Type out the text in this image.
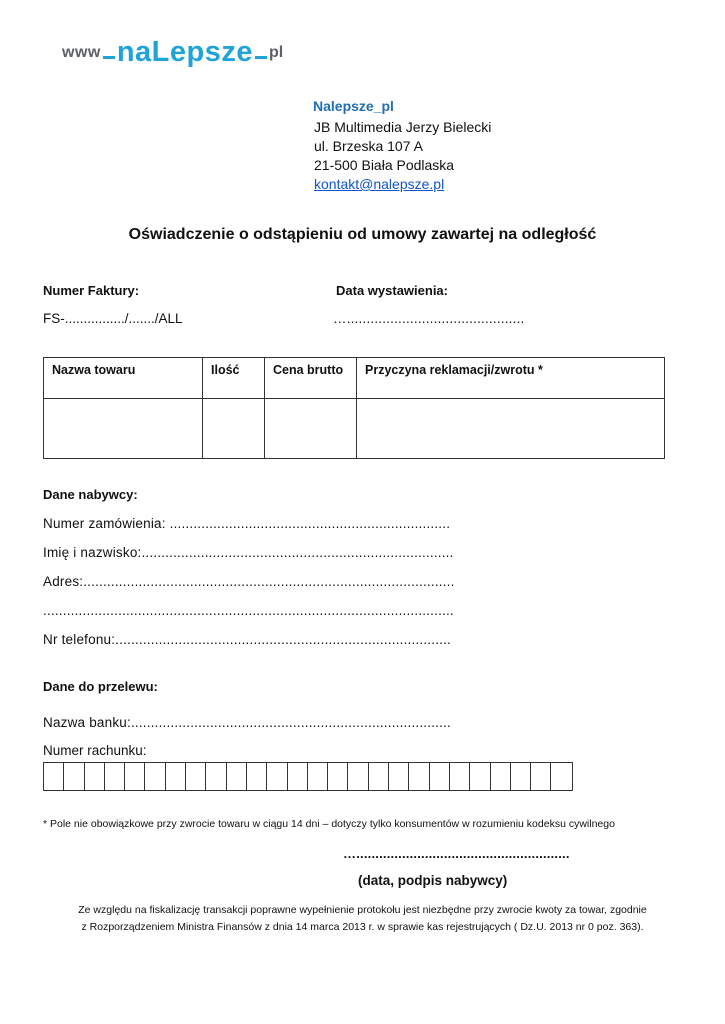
www naLepsze pl
Nalepsze_pl
JB Multimedia Jerzy Bielecki
ul. Brzeska 107 A
21-500 Biała Podlaska
kontakt@nalepsze.pl
Oświadczenie o odstąpieniu od umowy zawartej na odległość
Numer Faktury:	Data wystawienia:
FS-................/......./ALL	….............................................
Nazwa towaru	Ilość	Cena brutto	Przyczyna reklamacji/zwrotu *

Dane nabywcy:
Numer zamówienia: .......................................................................
Imię i nazwisko:...............................................................................
Adres:..............................................................................................
........................................................................................................
Nr telefonu:.....................................................................................
Dane do przelewu:
Nazwa banku:.................................................................................
Numer rachunku:
* Pole nie obowiązkowe przy zwrocie towaru w ciągu 14 dni – dotyczy tylko konsumentów w rozumieniu kodeksu cywilnego
…........................................................
(data, podpis nabywcy)
Ze względu na fiskalizację transakcji poprawne wypełnienie protokołu jest niezbędne przy zwrocie kwoty za towar, zgodnie
z Rozporządzeniem Ministra Finansów z dnia 14 marca 2013 r. w sprawie kas rejestrujących ( Dz.U. 2013 nr 0 poz. 363).
